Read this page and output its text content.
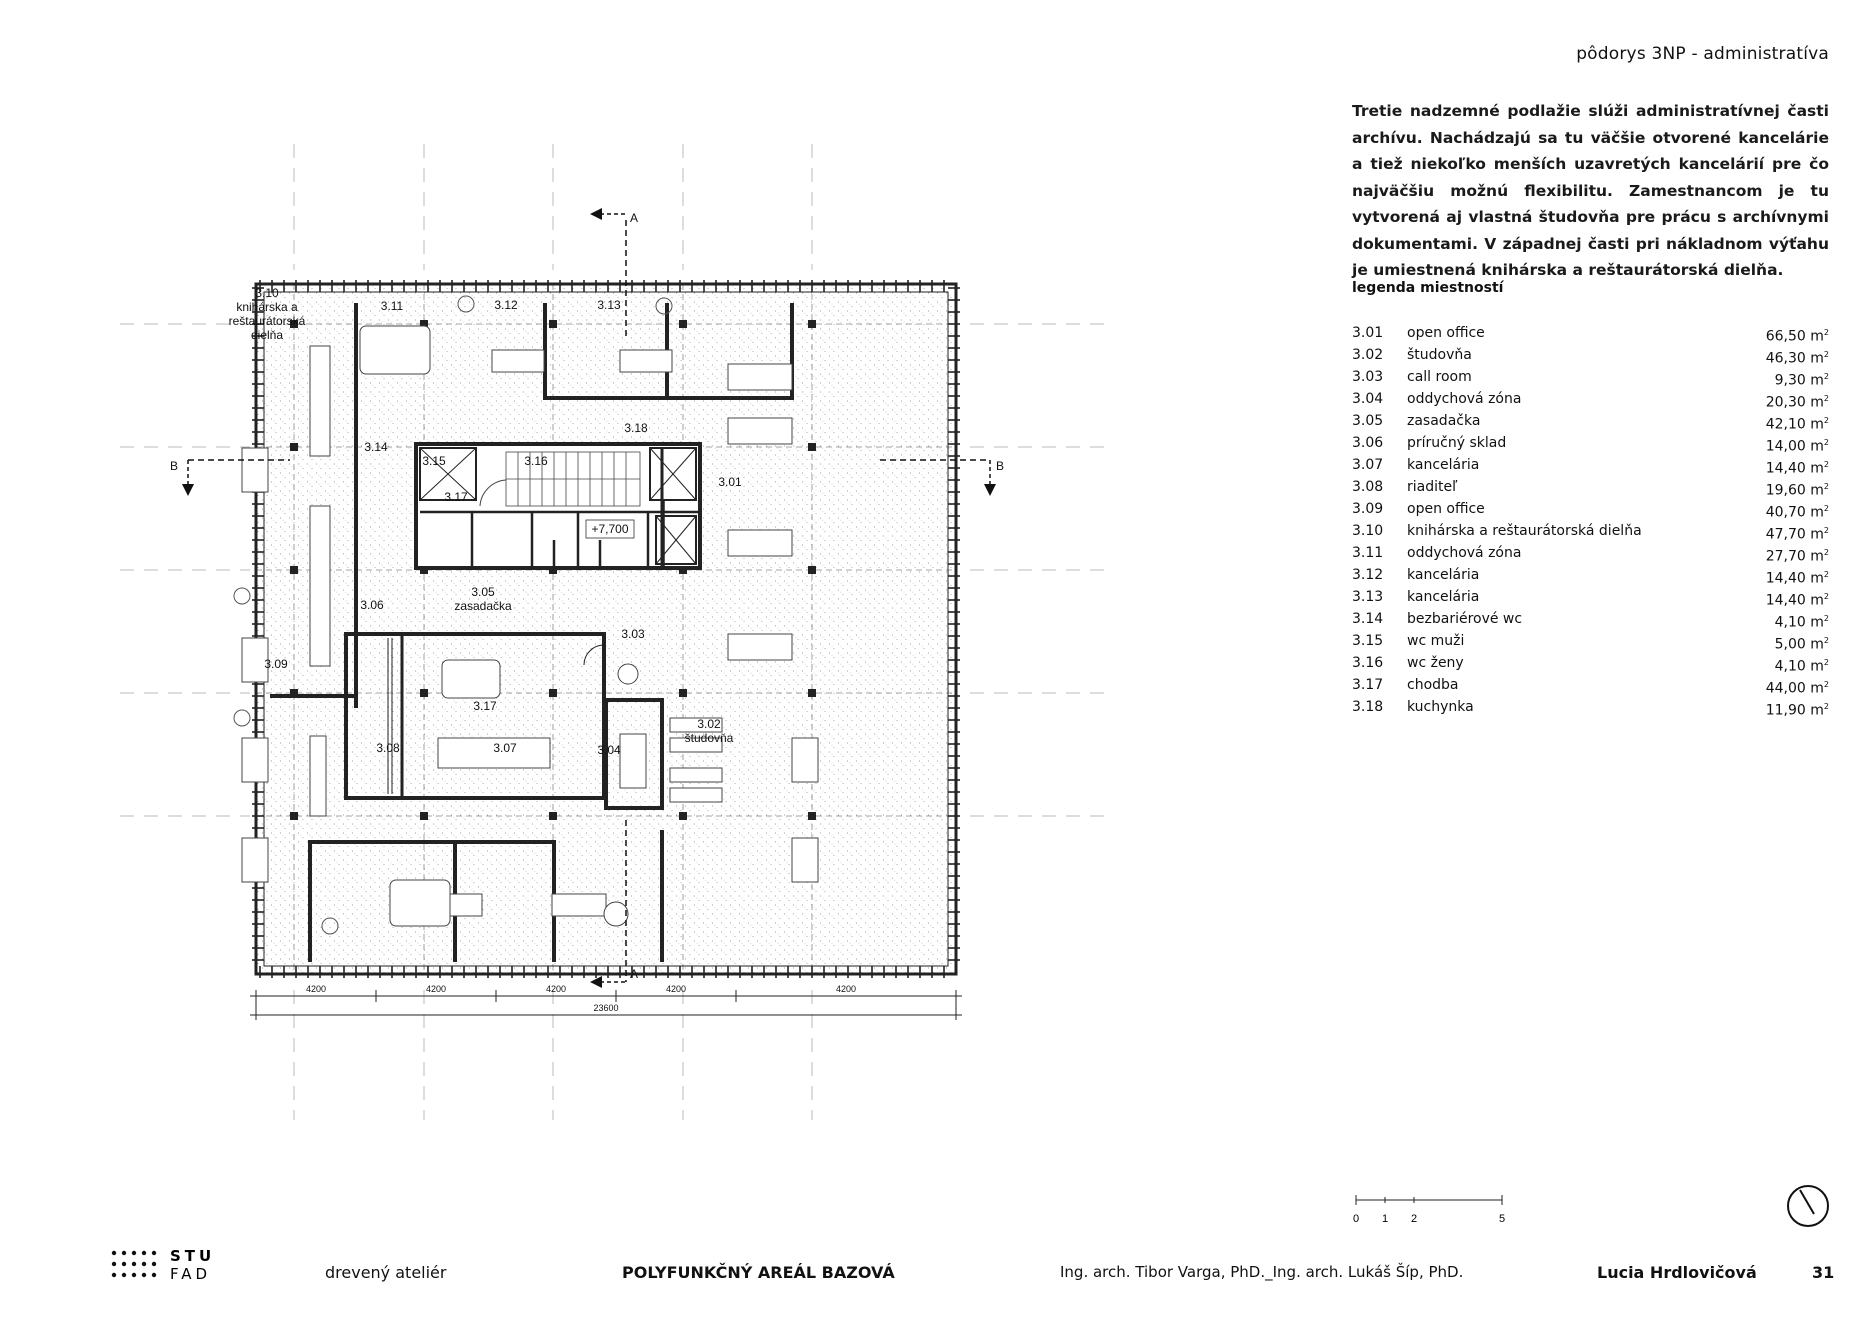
pôdorys 3NP - administratíva
Tretie nadzemné podlažie slúži administratívnej časti archívu. Nachádzajú sa tu väčšie otvorené kancelárie a tiež niekoľko menších uzavretých kancelárií pre čo najväčšiu možnú flexibilitu. Zamestnancom je tu vytvorená aj vlastná študovňa pre prácu s archívnymi dokumentami. V západnej časti pri nákladnom výťahu je umiestnená knihárska a reštaurátorská dielňa.
legenda miestností
3.01 open office	66,50 $m^2$
3.02 študovňa	46,30 $m^2$
3.03 call room	9,30 $m^2$
3.04 oddychová zóna	20,30 $m^2$
3.05 zasadačka	42,10 $m^2$
3.06 príručný sklad	14,00 $m^2$
3.07 kancelária	14,40 $m^2$
3.08 riaditeľ	19,60 $m^2$
3.09 open office	40,70 $m^2$
3.10 knihárska a reštaurátorská dielňa	47,70 $m^2$
3.11 oddychová zóna	27,70 $m^2$
3.12 kancelária	14,40 $m^2$
3.13 kancelária	14,40 $m^2$
3.14 bezbariérové wc	4,10 $m^2$
3.15 wc muži	5,00 $m^2$
3.16 wc ženy	4,10 $m^2$
3.17 chodba	44,00 $m^2$
3.18 kuchynka	11,90 $m^2$
3.10
knihárska a
reštaurátorská
dielňa
3.11	3.12	3.13
3.14
3.15	3.16
3.18
3.17
3.01
3.05
zasadačka
3.06
3.03
3.09
3.17
3.08	3.07	3.04
3.02
študovňa
+7,700
A
A
B	B
4200	4200	4200	4200	4200
23600
0 1 2	5
STU
FAD	drevený ateliér	POLYFUNKČNÝ AREÁL BAZOVÁ	Ing. arch. Tibor Varga, PhD._Ing. arch. Lukáš Šíp, PhD.	Lucia Hrdlovičová	31
